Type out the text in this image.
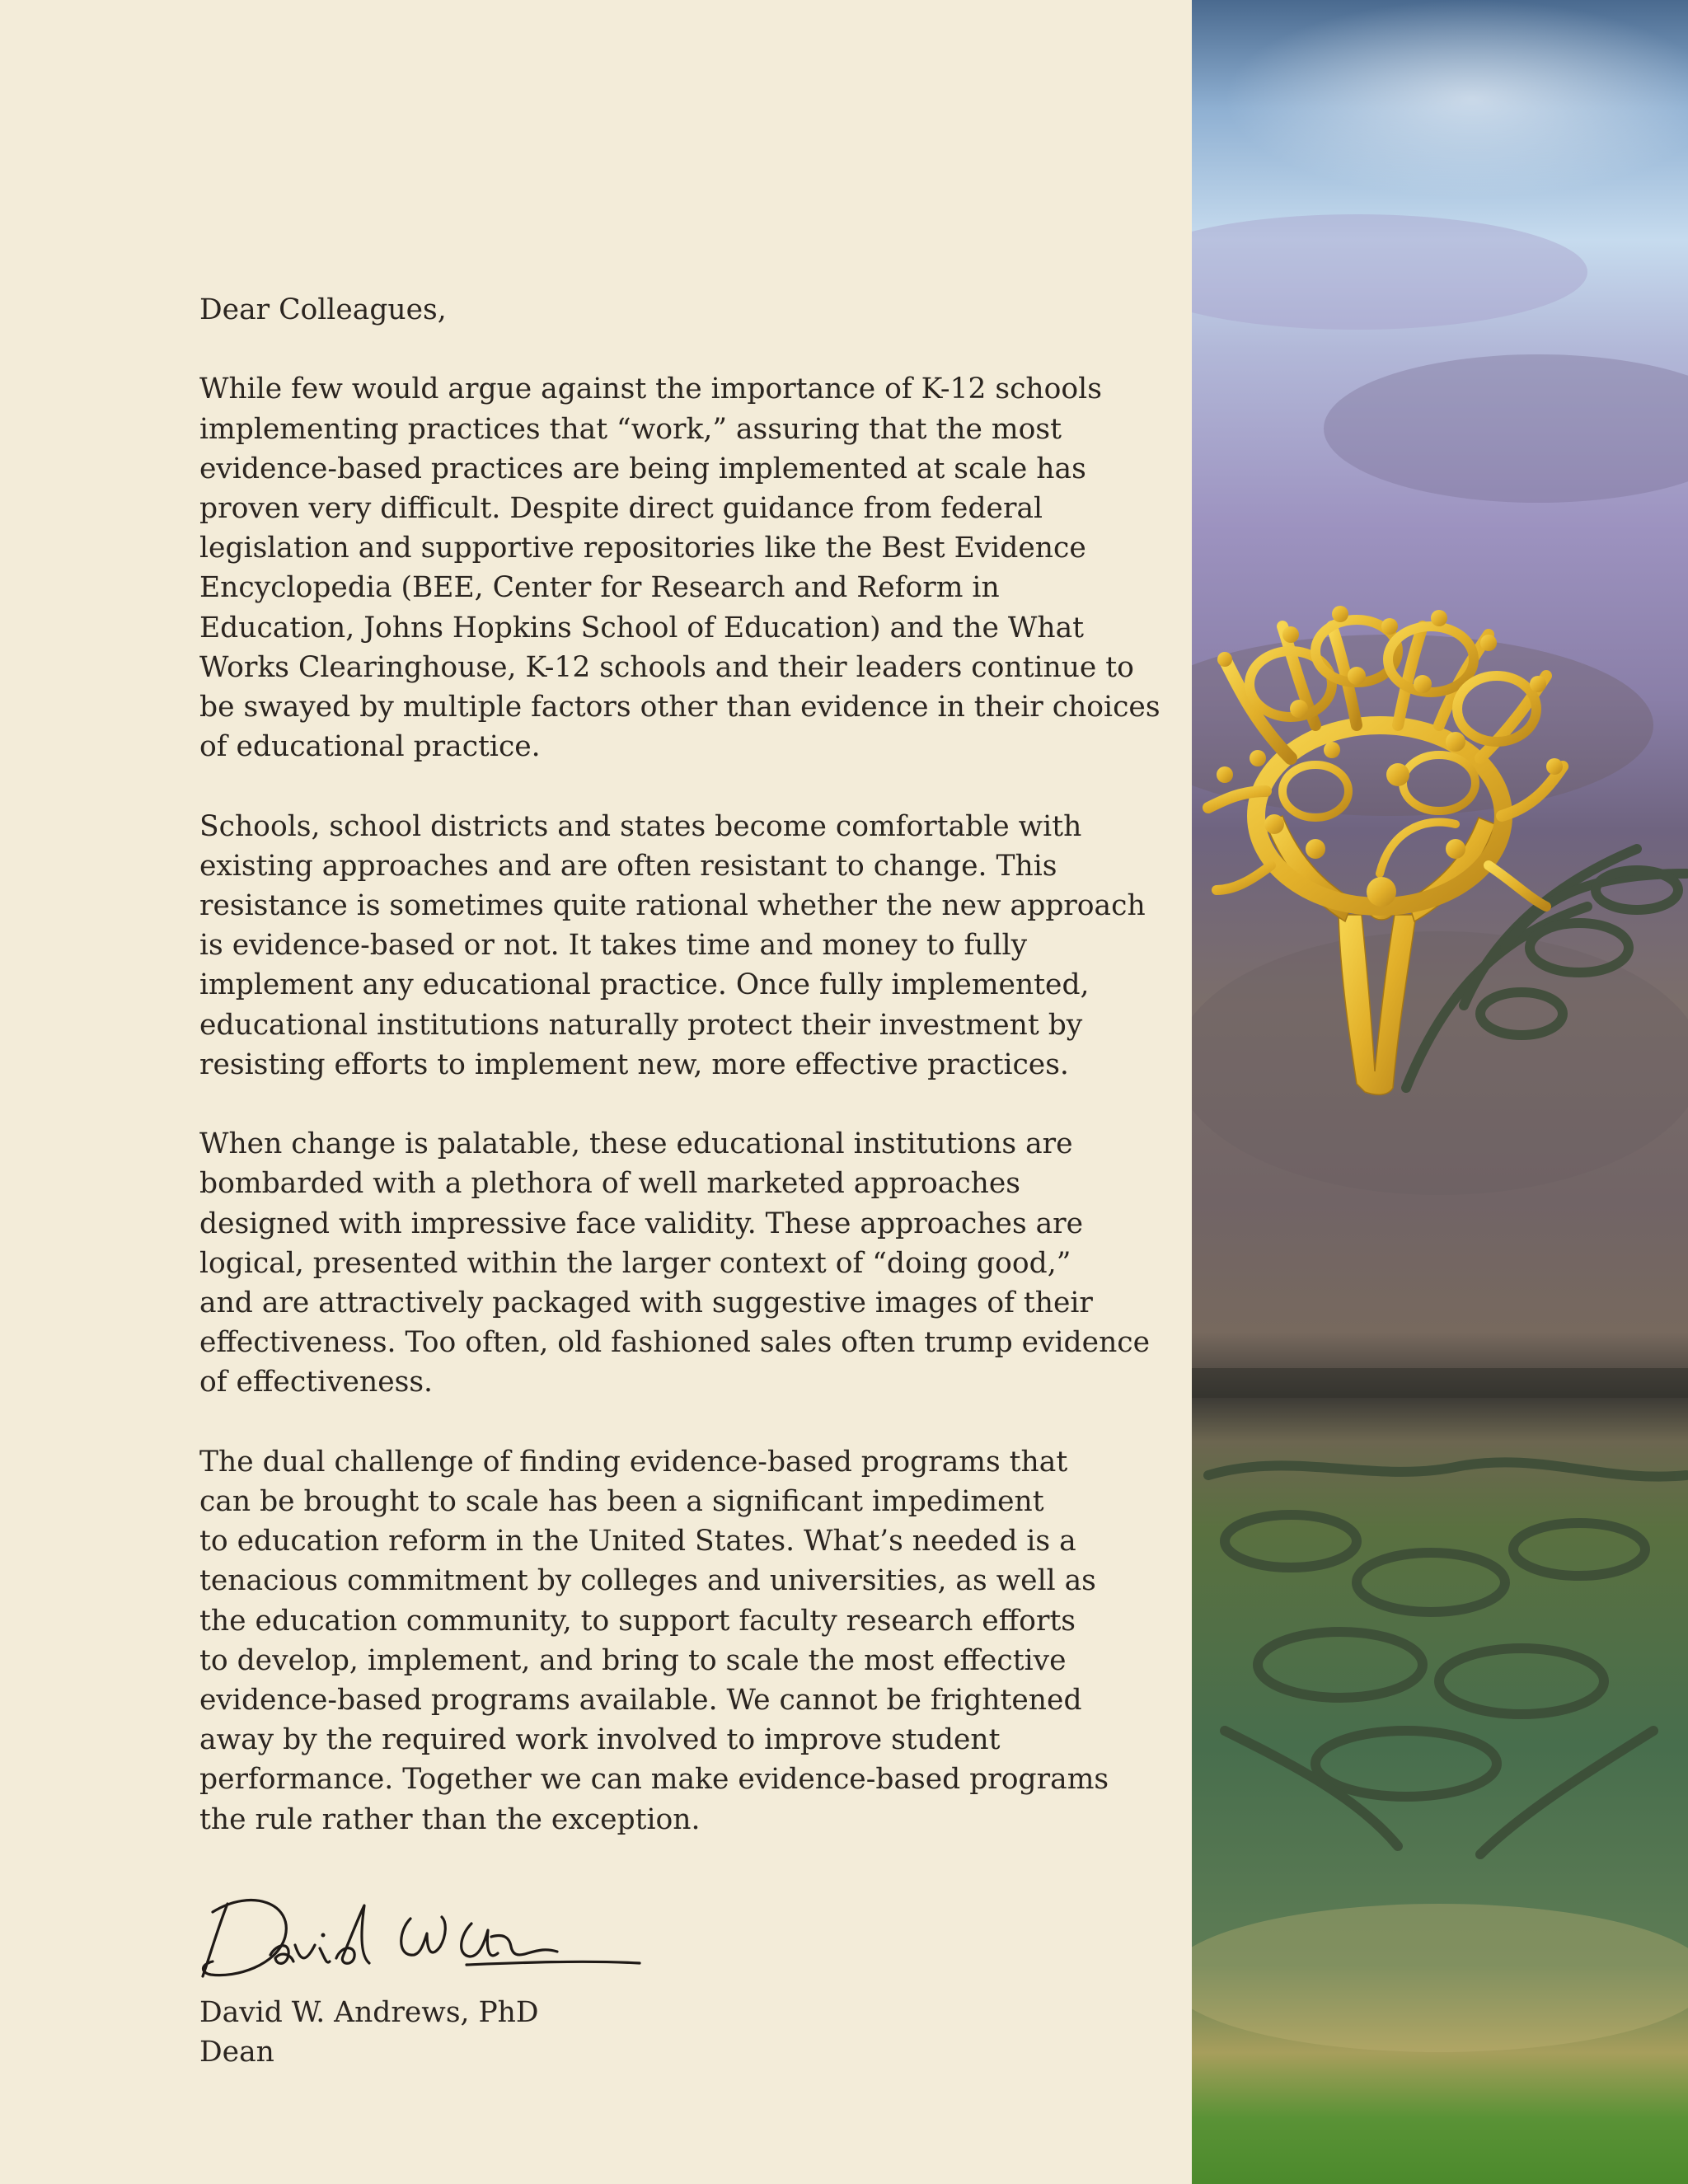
Dear Colleagues,
While few would argue against the importance of K-12 schools
implementing practices that “work,” assuring that the most
evidence-based practices are being implemented at scale has
proven very difficult. Despite direct guidance from federal
legislation and supportive repositories like the Best Evidence
Encyclopedia (BEE, Center for Research and Reform in
Education, Johns Hopkins School of Education) and the What
Works Clearinghouse, K-12 schools and their leaders continue to
be swayed by multiple factors other than evidence in their choices
of educational practice.
Schools, school districts and states become comfortable with
existing approaches and are often resistant to change. This
resistance is sometimes quite rational whether the new approach
is evidence-based or not. It takes time and money to fully
implement any educational practice. Once fully implemented,
educational institutions naturally protect their investment by
resisting efforts to implement new, more effective practices.
When change is palatable, these educational institutions are
bombarded with a plethora of well marketed approaches
designed with impressive face validity. These approaches are
logical, presented within the larger context of “doing good,”
and are attractively packaged with suggestive images of their
effectiveness. Too often, old fashioned sales often trump evidence
of effectiveness.
The dual challenge of finding evidence-based programs that
can be brought to scale has been a significant impediment
to education reform in the United States. What’s needed is a
tenacious commitment by colleges and universities, as well as
the education community, to support faculty research efforts
to develop, implement, and bring to scale the most effective
evidence-based programs available. We cannot be frightened
away by the required work involved to improve student
performance. Together we can make evidence-based programs
the rule rather than the exception.
David W. Andrews, PhD
Dean
